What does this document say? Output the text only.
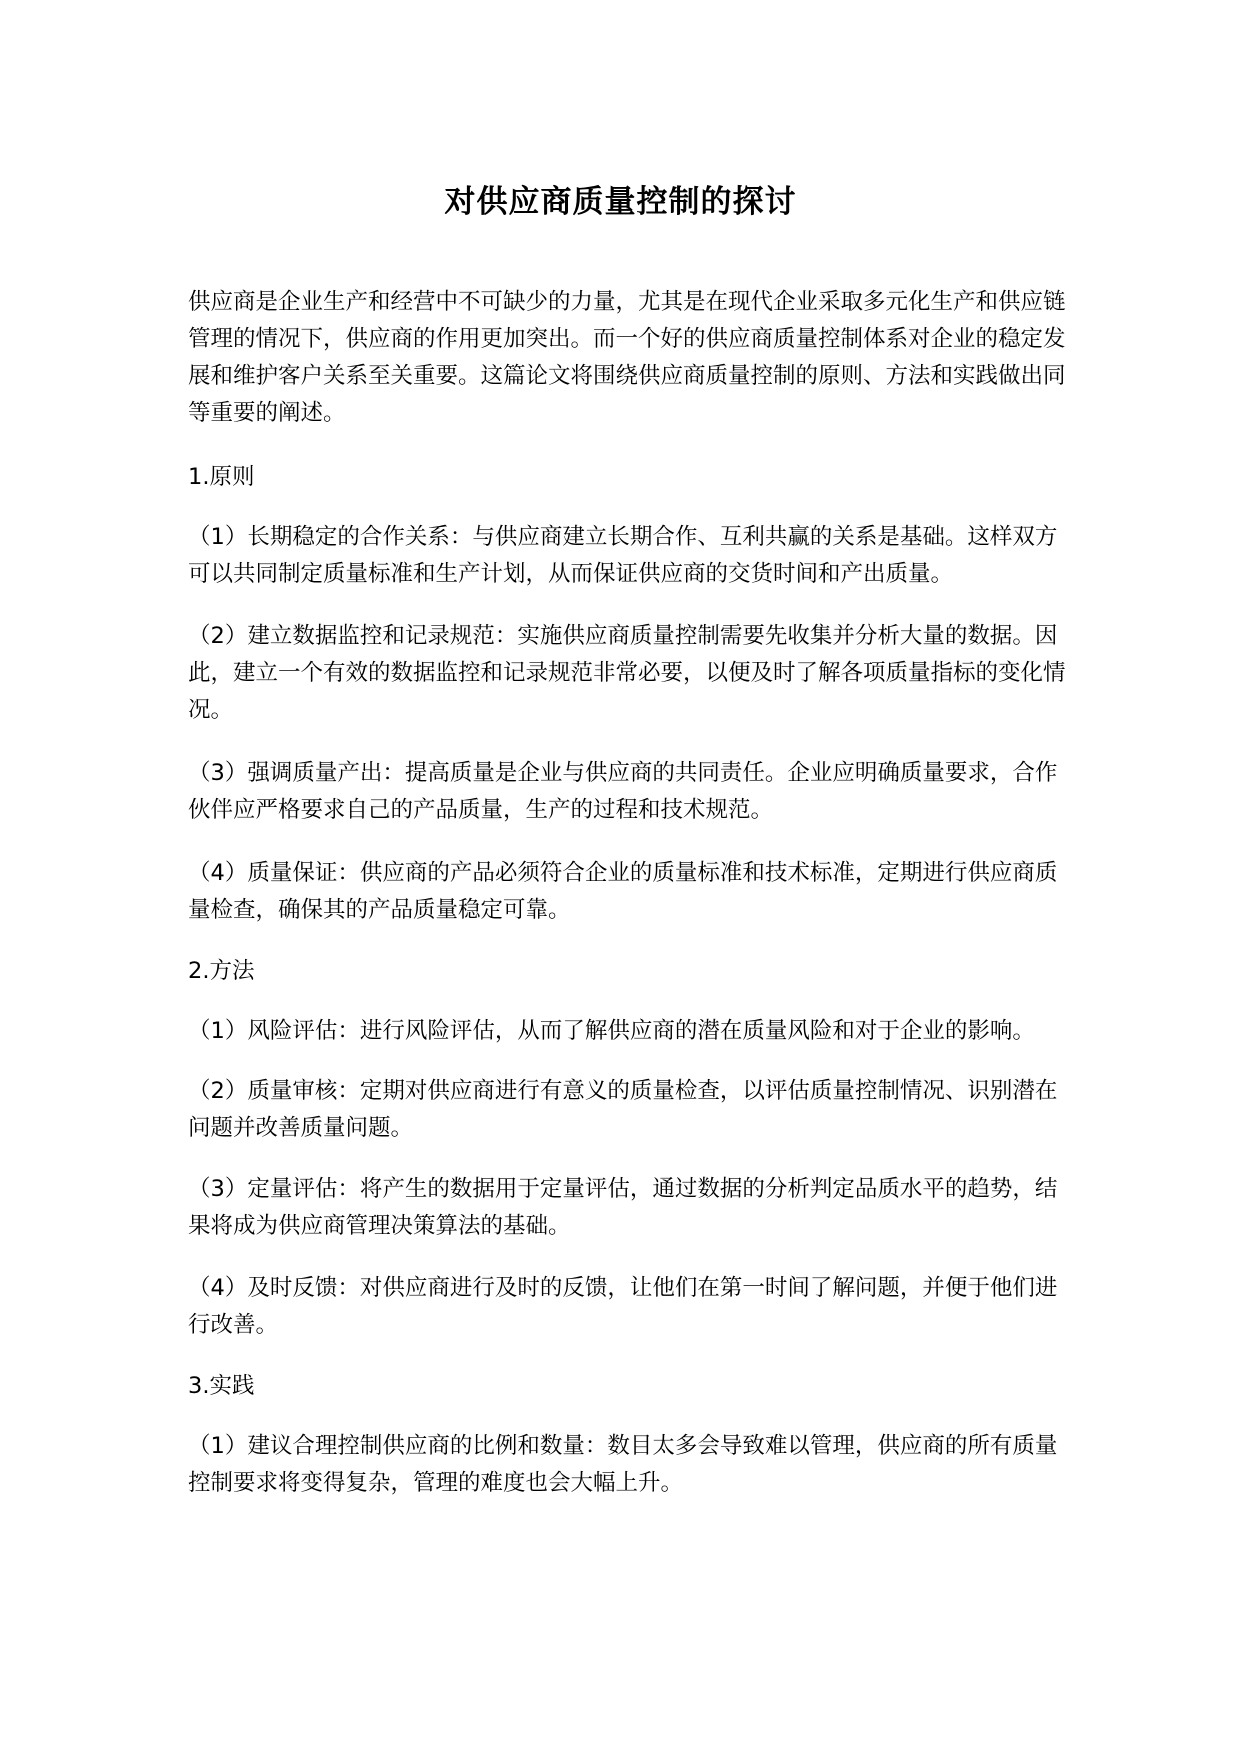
对供应商质量控制的探讨

供应商是企业生产和经营中不可缺少的力量，尤其是在现代企业采取多元化生产和供应链管理的情况下，供应商的作用更加突出。而一个好的供应商质量控制体系对企业的稳定发展和维护客户关系至关重要。这篇论文将围绕供应商质量控制的原则、方法和实践做出同等重要的阐述。

1.原则

（1）长期稳定的合作关系：与供应商建立长期合作、互利共赢的关系是基础。这样双方可以共同制定质量标准和生产计划，从而保证供应商的交货时间和产出质量。

（2）建立数据监控和记录规范：实施供应商质量控制需要先收集并分析大量的数据。因此，建立一个有效的数据监控和记录规范非常必要，以便及时了解各项质量指标的变化情况。

（3）强调质量产出：提高质量是企业与供应商的共同责任。企业应明确质量要求，合作伙伴应严格要求自己的产品质量，生产的过程和技术规范。

（4）质量保证：供应商的产品必须符合企业的质量标准和技术标准，定期进行供应商质量检查，确保其的产品质量稳定可靠。

2.方法

（1）风险评估：进行风险评估，从而了解供应商的潜在质量风险和对于企业的影响。

（2）质量审核：定期对供应商进行有意义的质量检查，以评估质量控制情况、识别潜在问题并改善质量问题。

（3）定量评估：将产生的数据用于定量评估，通过数据的分析判定品质水平的趋势，结果将成为供应商管理决策算法的基础。

（4）及时反馈：对供应商进行及时的反馈，让他们在第一时间了解问题，并便于他们进行改善。

3.实践

（1）建议合理控制供应商的比例和数量：数目太多会导致难以管理，供应商的所有质量控制要求将变得复杂，管理的难度也会大幅上升。
